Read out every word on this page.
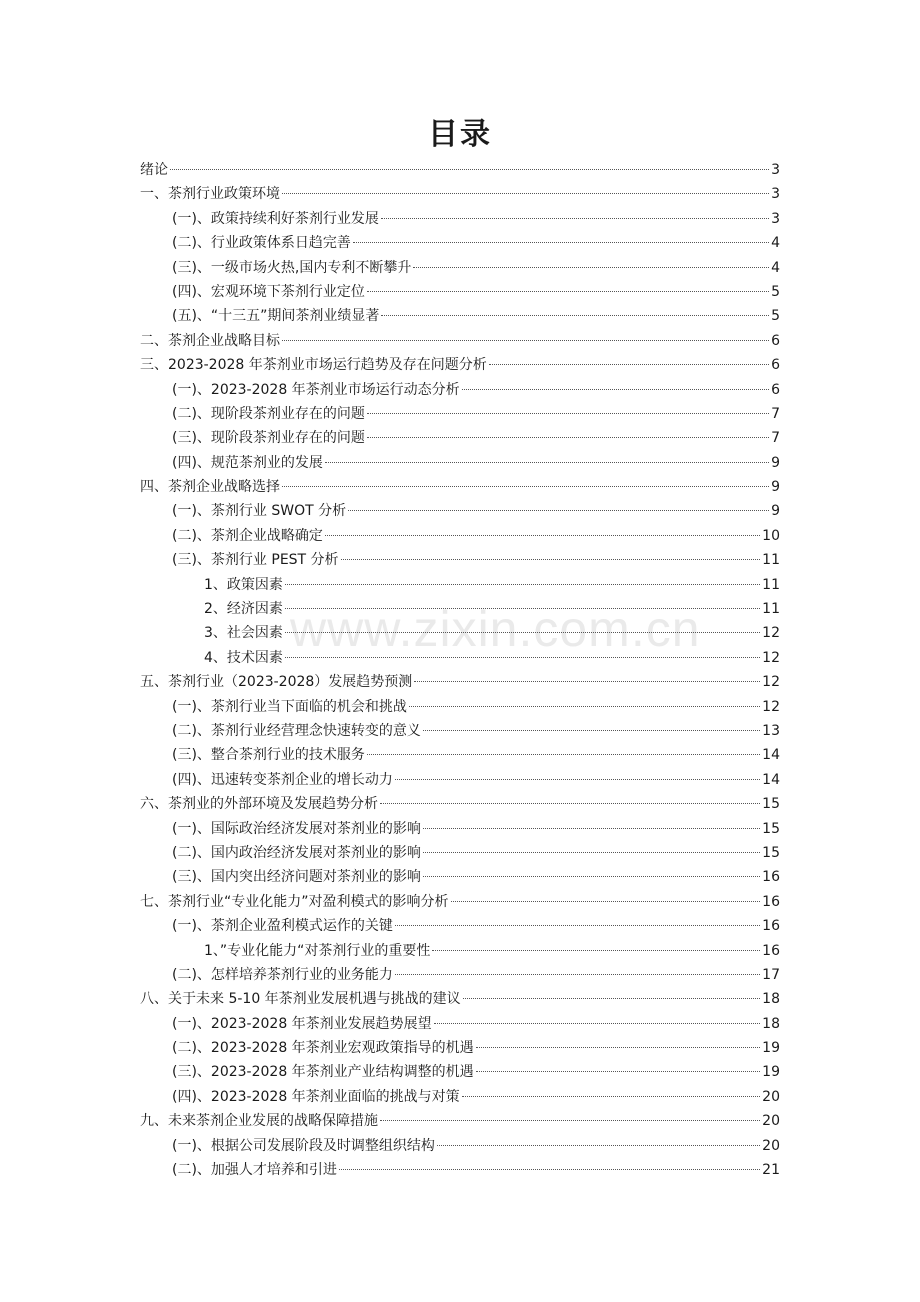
www.zixin.com.cn
目录
绪论	3
一、茶剂行业政策环境	3
(一)、政策持续利好茶剂行业发展	3
(二)、行业政策体系日趋完善	4
(三)、一级市场火热,国内专利不断攀升	4
(四)、宏观环境下茶剂行业定位	5
(五)、“十三五”期间茶剂业绩显著	5
二、茶剂企业战略目标	6
三、2023-2028 年茶剂业市场运行趋势及存在问题分析	6
(一)、2023-2028 年茶剂业市场运行动态分析	6
(二)、现阶段茶剂业存在的问题	7
(三)、现阶段茶剂业存在的问题	7
(四)、规范茶剂业的发展	9
四、茶剂企业战略选择	9
(一)、茶剂行业 SWOT 分析	9
(二)、茶剂企业战略确定	10
(三)、茶剂行业 PEST 分析	11
1、政策因素	11
2、经济因素	11
3、社会因素	12
4、技术因素	12
五、茶剂行业（2023-2028）发展趋势预测	12
(一)、茶剂行业当下面临的机会和挑战	12
(二)、茶剂行业经营理念快速转变的意义	13
(三)、整合茶剂行业的技术服务	14
(四)、迅速转变茶剂企业的增长动力	14
六、茶剂业的外部环境及发展趋势分析	15
(一)、国际政治经济发展对茶剂业的影响	15
(二)、国内政治经济发展对茶剂业的影响	15
(三)、国内突出经济问题对茶剂业的影响	16
七、茶剂行业“专业化能力”对盈利模式的影响分析	16
(一)、茶剂企业盈利模式运作的关键	16
1、”专业化能力“对茶剂行业的重要性	16
(二)、怎样培养茶剂行业的业务能力	17
八、关于未来 5-10 年茶剂业发展机遇与挑战的建议	18
(一)、2023-2028 年茶剂业发展趋势展望	18
(二)、2023-2028 年茶剂业宏观政策指导的机遇	19
(三)、2023-2028 年茶剂业产业结构调整的机遇	19
(四)、2023-2028 年茶剂业面临的挑战与对策	20
九、未来茶剂企业发展的战略保障措施	20
(一)、根据公司发展阶段及时调整组织结构	20
(二)、加强人才培养和引进	21
